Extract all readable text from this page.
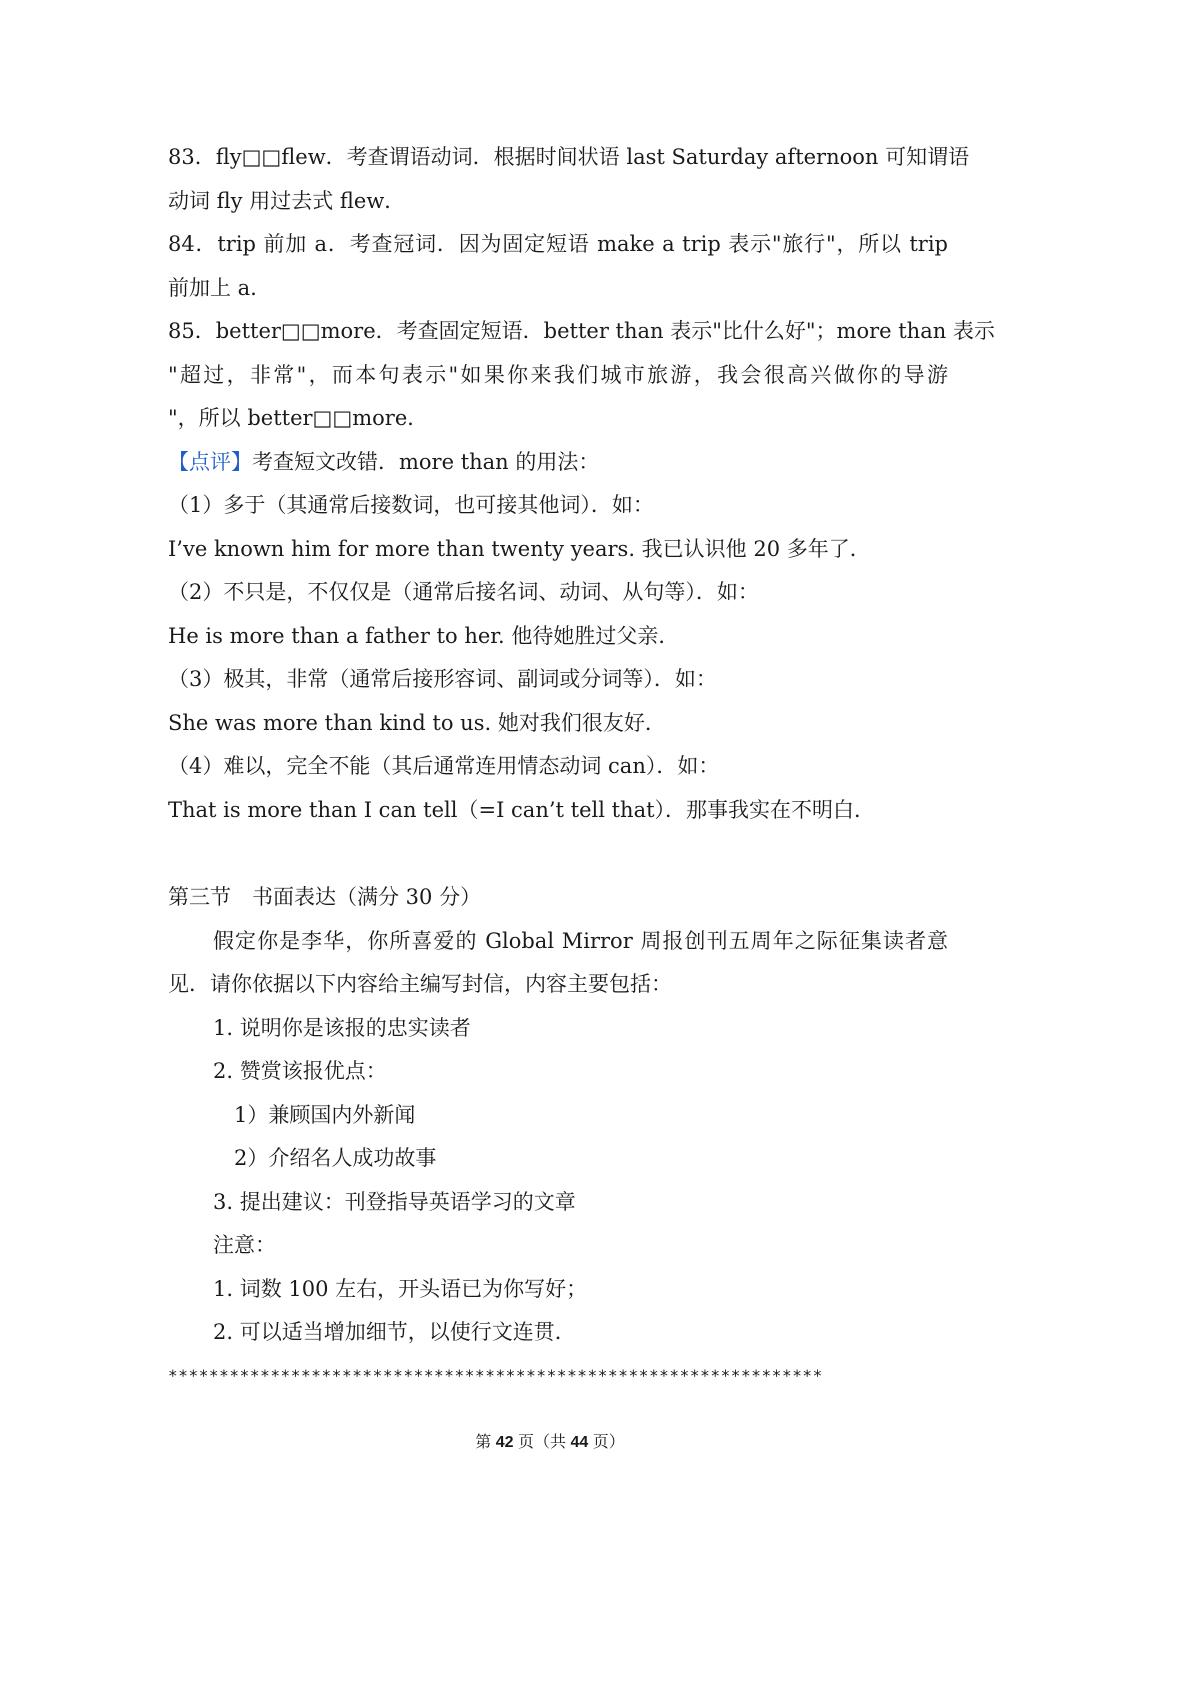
83．fly□□flew．考查谓语动词．根据时间状语 last Saturday afternoon 可知谓语
动词 fly 用过去式 flew．
84．trip 前加 a．考查冠词．因为固定短语 make a trip 表示"旅行"，所以 trip
前加上 a．
85．better□□more．考查固定短语．better than 表示"比什么好"；more than 表示
"超过，非常"，而本句表示"如果你来我们城市旅游，我会很高兴做你的导游
"，所以 better□□more．
【点评】考查短文改错．more than 的用法：
（1）多于（其通常后接数词，也可接其他词）．如：
I’ve known him for more than twenty years. 我已认识他 20 多年了．
（2）不只是，不仅仅是（通常后接名词、动词、从句等）．如：
He is more than a father to her. 他待她胜过父亲．
（3）极其，非常（通常后接形容词、副词或分词等）．如：
She was more than kind to us. 她对我们很友好．
（4）难以，完全不能（其后通常连用情态动词 can）．如：
That is more than I can tell（=I can’t tell that）．那事我实在不明白．
第三节　书面表达（满分 30 分）
假定你是李华，你所喜爱的 Global Mirror 周报创刊五周年之际征集读者意
见．请你依据以下内容给主编写封信，内容主要包括：
1. 说明你是该报的忠实读者
2. 赞赏该报优点：
1）兼顾国内外新闻
2）介绍名人成功故事
3. 提出建议：刊登指导英语学习的文章
注意：
1. 词数 100 左右，开头语已为你写好；
2. 可以适当增加细节，以使行文连贯．
****************************************************************
第 42 页（共 44 页）
